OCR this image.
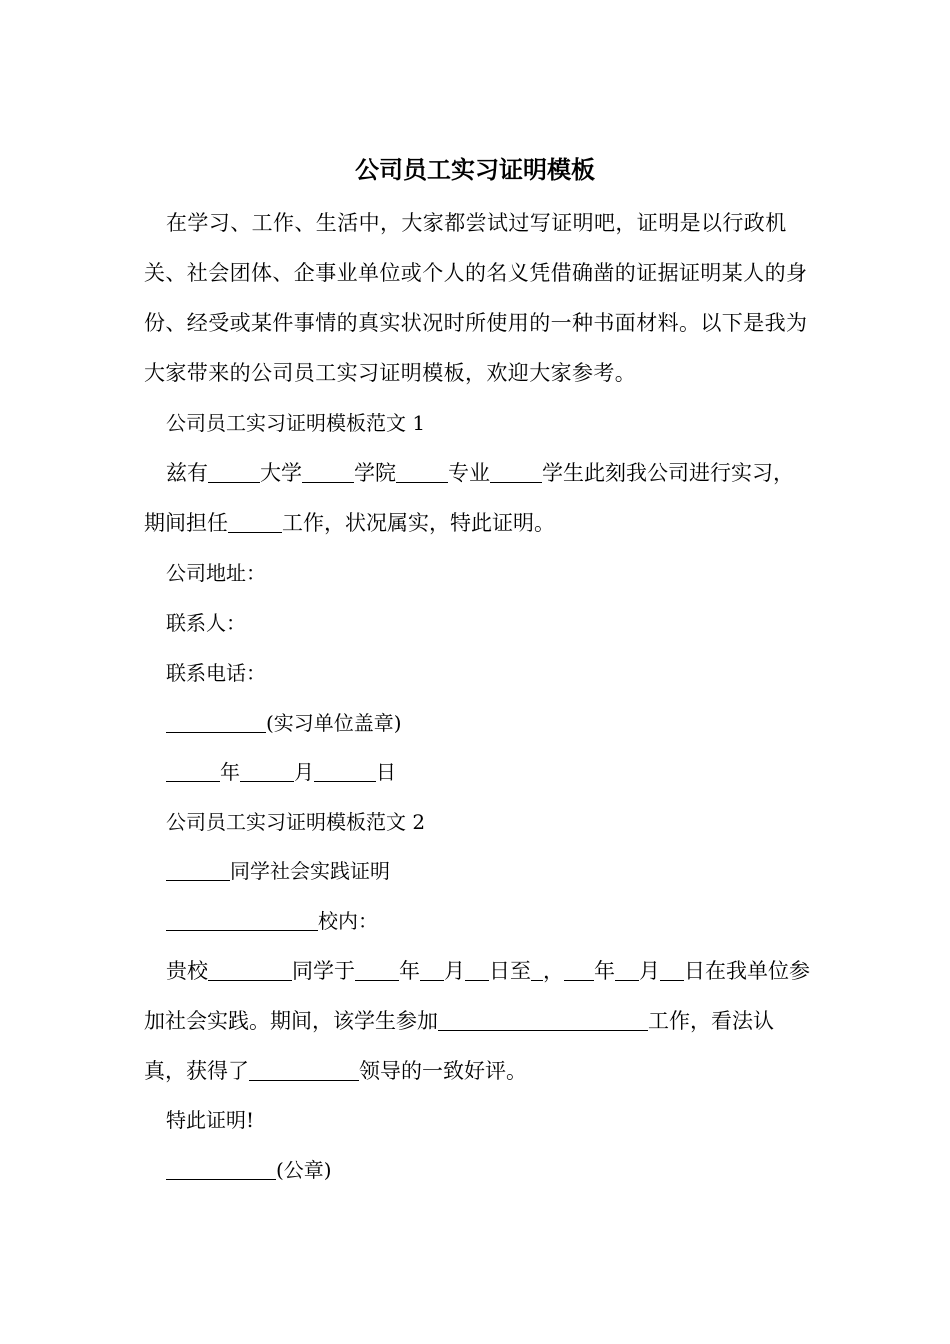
公司员工实习证明模板

在学习、工作、生活中，大家都尝试过写证明吧，证明是以行政机关、社会团体、企事业单位或个人的名义凭借确凿的证据证明某人的身份、经受或某件事情的真实状况时所使用的一种书面材料。以下是我为大家带来的公司员工实习证明模板，欢迎大家参考。

公司员工实习证明模板范文 1

兹有 大学 学院 专业 学生此刻我公司进行实习，期间担任	工作，状况属实，特此证明。

公司地址：
联系人：
联系电话：
(实习单位盖章)
年	月	日
公司员工实习证明模板范文 2
同学社会实践证明
校内：

贵校	同学于 年 月 日至 ， 年 月 日在我单位参加社会实践。期间，该学生参加	工作，看法认真，获得了	领导的一致好评。

特此证明!
(公章)
